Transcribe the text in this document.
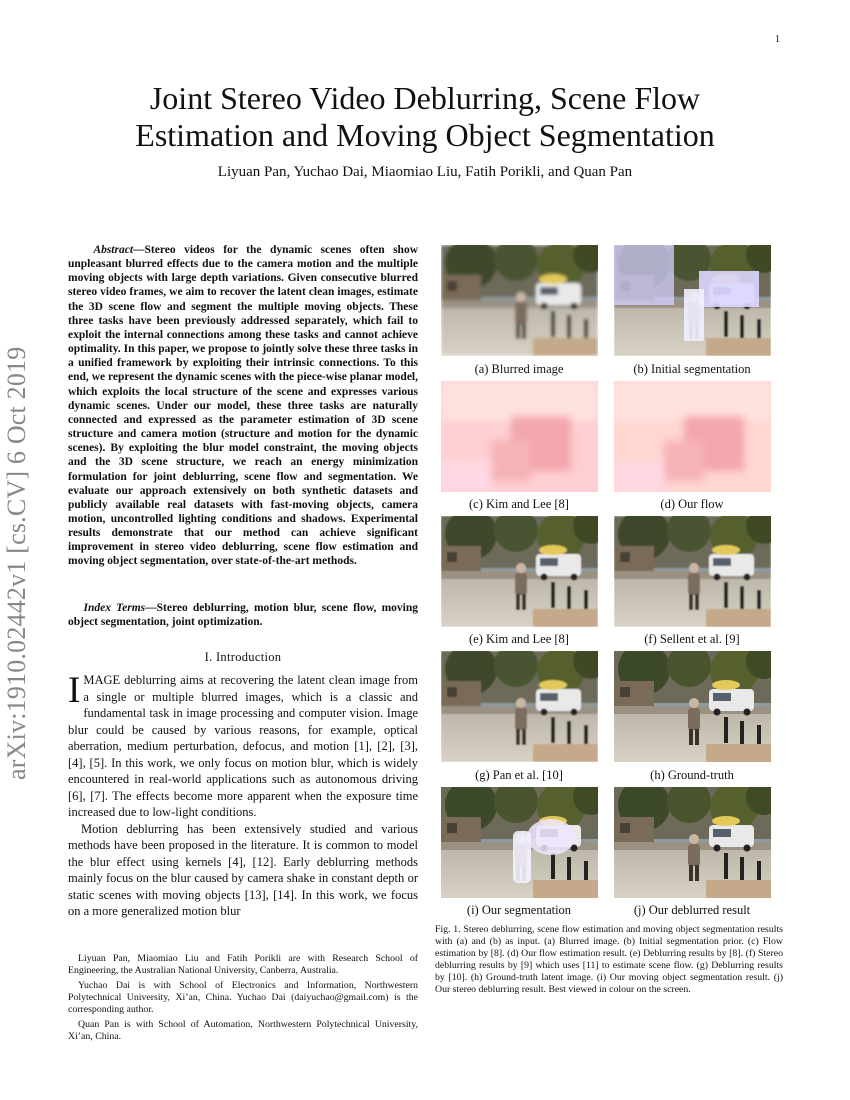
1
arXiv:1910.02442v1 [cs.CV] 6 Oct 2019
Joint Stereo Video Deblurring, Scene Flow
Estimation and Moving Object Segmentation
Liyuan Pan, Yuchao Dai, Miaomiao Liu, Fatih Porikli, and Quan Pan
Abstract—Stereo videos for the dynamic scenes often show unpleasant blurred effects due to the camera motion and the multiple moving objects with large depth variations. Given consecutive blurred stereo video frames, we aim to recover the latent clean images, estimate the 3D scene flow and segment the multiple moving objects. These three tasks have been previously addressed separately, which fail to exploit the internal connections among these tasks and cannot achieve optimality. In this paper, we propose to jointly solve these three tasks in a unified framework by exploiting their intrinsic connections. To this end, we represent the dynamic scenes with the piece-wise planar model, which exploits the local structure of the scene and expresses various dynamic scenes. Under our model, these three tasks are naturally connected and expressed as the parameter estimation of 3D scene structure and camera motion (structure and motion for the dynamic scenes). By exploiting the blur model constraint, the moving objects and the 3D scene structure, we reach an energy minimization formulation for joint deblurring, scene flow and segmentation. We evaluate our approach extensively on both synthetic datasets and publicly available real datasets with fast-moving objects, camera motion, uncontrolled lighting conditions and shadows. Experimental results demonstrate that our method can achieve significant improvement in stereo video deblurring, scene flow estimation and moving object segmentation, over state-of-the-art methods.
Index Terms—Stereo deblurring, motion blur, scene flow, moving object segmentation, joint optimization.
I. Introduction

IMAGE deblurring aims at recovering the latent clean image from a single or multiple blurred images, which is a classic and fundamental task in image processing and computer vision. Image blur could be caused by various reasons, for example, optical aberration, medium perturbation, defocus, and motion [1], [2], [3], [4], [5]. In this work, we only focus on motion blur, which is widely encountered in real-world applications such as autonomous driving [6], [7]. The effects become more apparent when the exposure time increased due to low-light conditions.

Motion deblurring has been extensively studied and various methods have been proposed in the literature. It is common to model the blur effect using kernels [4], [12]. Early deblurring methods mainly focus on the blur caused by camera shake in constant depth or static scenes with moving objects [13], [14]. In this work, we focus on a more generalized motion blur

Liyuan Pan, Miaomiao Liu and Fatih Porikli are with Research School of Engineering, the Australian National University, Canberra, Australia.

Yuchao Dai is with School of Electronics and Information, Northwestern Polytechnical University, Xi’an, China. Yuchao Dai (daiyuchao@gmail.com) is the corresponding author.

Quan Pan is with School of Automation, Northwestern Polytechnical University, Xi’an, China.

(a) Blurred image	(b) Initial segmentation
(c) Kim and Lee [8]	(d) Our flow
(e) Kim and Lee [8]	(f) Sellent et al. [9]
(g) Pan et al. [10]	(h) Ground-truth
(i) Our segmentation	(j) Our deblurred result
Fig. 1. Stereo deblurring, scene flow estimation and moving object segmentation results with (a) and (b) as input. (a) Blurred image. (b) Initial segmentation prior. (c) Flow estimation by [8]. (d) Our flow estimation result. (e) Deblurring results by [8]. (f) Stereo deblurring results by [9] which uses [11] to estimate scene flow. (g) Deblurring results by [10]. (h) Ground-truth latent image. (i) Our moving object segmentation result. (j) Our stereo deblurring result. Best viewed in colour on the screen.
